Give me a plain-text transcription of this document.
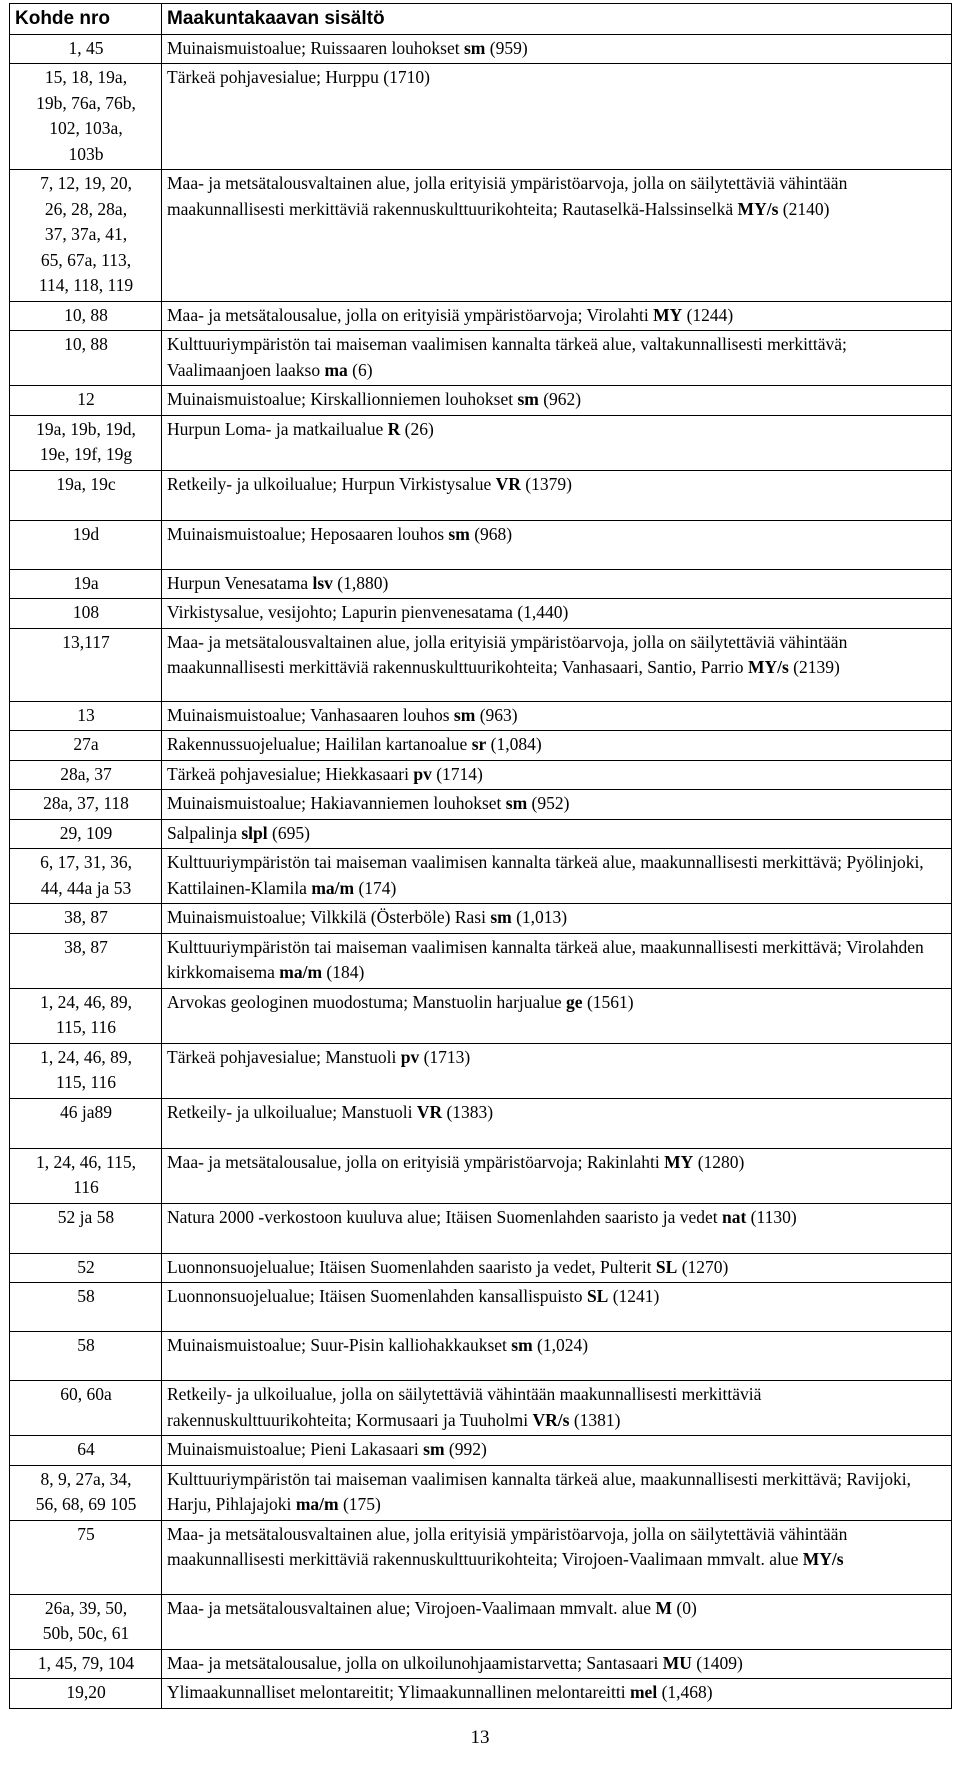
Kohde nro	Maakuntakaavan sisältö
1, 45	Muinaismuistoalue; Ruissaaren louhokset sm (959)
15, 18, 19a,
19b, 76a, 76b,
102, 103a,
103b	Tärkeä pohjavesialue; Hurppu (1710)
7, 12, 19, 20,
26, 28, 28a,
37, 37a, 41,
65, 67a, 113,
114, 118, 119	Maa- ja metsätalousvaltainen alue, jolla erityisiä ympäristöarvoja, jolla on säilytettäviä vähintään maakunnallisesti merkittäviä rakennuskulttuurikohteita; Rautaselkä-Halssinselkä MY/s (2140)
10, 88	Maa- ja metsätalousalue, jolla on erityisiä ympäristöarvoja; Virolahti MY (1244)
10, 88	Kulttuuriympäristön tai maiseman vaalimisen kannalta tärkeä alue, valtakunnallisesti merkittävä; Vaalimaanjoen laakso ma (6)
12	Muinaismuistoalue; Kirskallionniemen louhokset sm (962)
19a, 19b, 19d,
19e, 19f, 19g	Hurpun Loma- ja matkailualue R (26)
19a, 19c	Retkeily- ja ulkoilualue; Hurpun Virkistysalue VR (1379)
19d	Muinaismuistoalue; Heposaaren louhos sm (968)
19a	Hurpun Venesatama lsv (1,880)
108	Virkistysalue, vesijohto; Lapurin pienvenesatama (1,440)
13,117	Maa- ja metsätalousvaltainen alue, jolla erityisiä ympäristöarvoja, jolla on säilytettäviä vähintään maakunnallisesti merkittäviä rakennuskulttuurikohteita; Vanhasaari, Santio, Parrio MY/s (2139)
13	Muinaismuistoalue; Vanhasaaren louhos sm (963)
27a	Rakennussuojelualue; Haililan kartanoalue sr (1,084)
28a, 37	Tärkeä pohjavesialue; Hiekkasaari pv (1714)
28a, 37, 118	Muinaismuistoalue; Hakiavanniemen louhokset sm (952)
29, 109	Salpalinja slpl (695)
6, 17, 31, 36,
44, 44a ja 53	Kulttuuriympäristön tai maiseman vaalimisen kannalta tärkeä alue, maakunnallisesti merkittävä; Pyölinjoki, Kattilainen-Klamila ma/m (174)
38, 87	Muinaismuistoalue; Vilkkilä (Österböle) Rasi sm (1,013)
38, 87	Kulttuuriympäristön tai maiseman vaalimisen kannalta tärkeä alue, maakunnallisesti merkittävä; Virolahden kirkkomaisema ma/m (184)
1, 24, 46, 89,
115, 116	Arvokas geologinen muodostuma; Manstuolin harjualue ge (1561)
1, 24, 46, 89,
115, 116	Tärkeä pohjavesialue; Manstuoli pv (1713)
46 ja89	Retkeily- ja ulkoilualue; Manstuoli VR (1383)
1, 24, 46, 115,
116	Maa- ja metsätalousalue, jolla on erityisiä ympäristöarvoja; Rakinlahti MY (1280)
52 ja 58	Natura 2000 -verkostoon kuuluva alue; Itäisen Suomenlahden saaristo ja vedet nat (1130)
52	Luonnonsuojelualue; Itäisen Suomenlahden saaristo ja vedet, Pulterit SL (1270)
58	Luonnonsuojelualue; Itäisen Suomenlahden kansallispuisto SL (1241)
58	Muinaismuistoalue; Suur-Pisin kalliohakkaukset sm (1,024)
60, 60a	Retkeily- ja ulkoilualue, jolla on säilytettäviä vähintään maakunnallisesti merkittäviä rakennuskulttuurikohteita; Kormusaari ja Tuuholmi VR/s (1381)
64	Muinaismuistoalue; Pieni Lakasaari sm (992)
8, 9, 27a, 34,
56, 68, 69 105	Kulttuuriympäristön tai maiseman vaalimisen kannalta tärkeä alue, maakunnallisesti merkittävä; Ravijoki, Harju, Pihlajajoki ma/m (175)
75	Maa- ja metsätalousvaltainen alue, jolla erityisiä ympäristöarvoja, jolla on säilytettäviä vähintään maakunnallisesti merkittäviä rakennuskulttuurikohteita; Virojoen-Vaalimaan mmvalt. alue MY/s
26a, 39, 50,
50b, 50c, 61	Maa- ja metsätalousvaltainen alue; Virojoen-Vaalimaan mmvalt. alue M (0)
1, 45, 79, 104	Maa- ja metsätalousalue, jolla on ulkoilunohjaamistarvetta; Santasaari MU (1409)
19,20	Ylimaakunnalliset melontareitit; Ylimaakunnallinen melontareitti mel (1,468)
13
